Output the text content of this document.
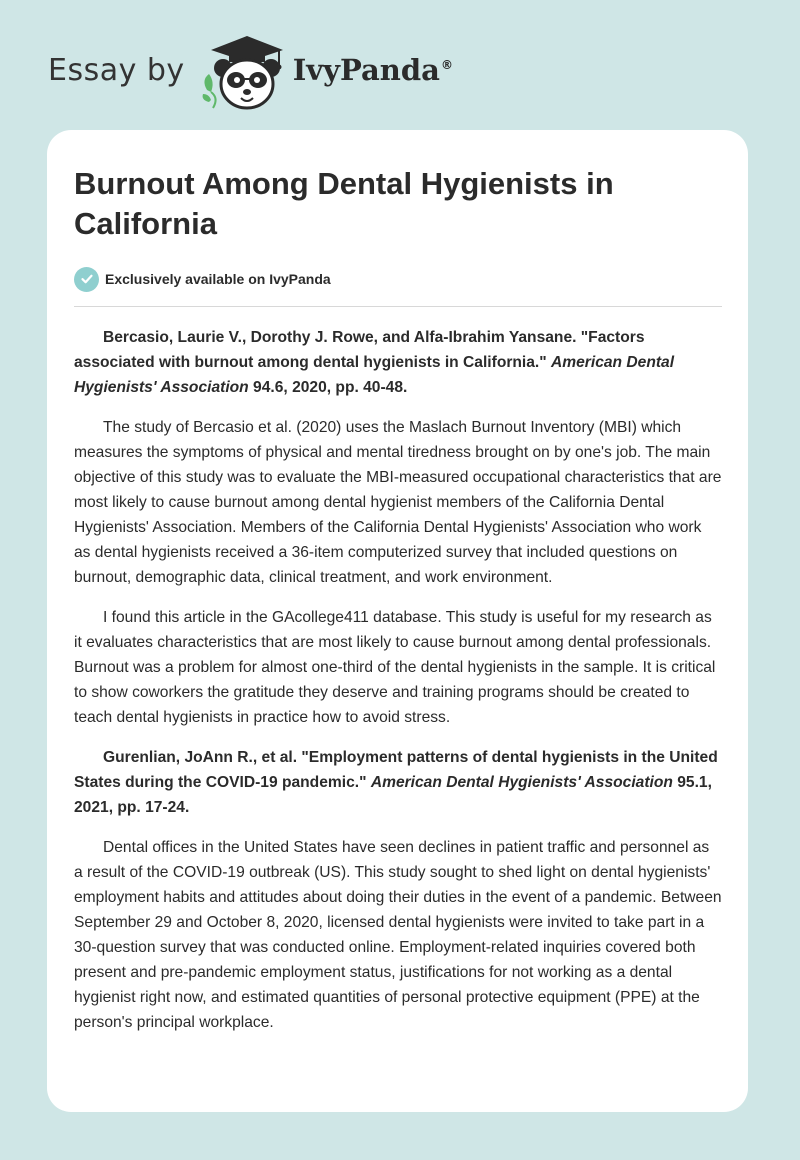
Essay by	IvyPanda®
Burnout Among Dental Hygienists in California
Exclusively available on IvyPanda

Bercasio, Laurie V., Dorothy J. Rowe, and Alfa-Ibrahim Yansane. "Factors associated with burnout among dental hygienists in California." American Dental Hygienists' Association 94.6, 2020, pp. 40-48.

The study of Bercasio et al. (2020) uses the Maslach Burnout Inventory (MBI) which measures the symptoms of physical and mental tiredness brought on by one's job. The main objective of this study was to evaluate the MBI-measured occupational characteristics that are most likely to cause burnout among dental hygienist members of the California Dental Hygienists' Association. Members of the California Dental Hygienists' Association who work as dental hygienists received a 36-item computerized survey that included questions on burnout, demographic data, clinical treatment, and work environment.

I found this article in the GAcollege411 database. This study is useful for my research as it evaluates characteristics that are most likely to cause burnout among dental professionals. Burnout was a problem for almost one-third of the dental hygienists in the sample. It is critical to show coworkers the gratitude they deserve and training programs should be created to teach dental hygienists in practice how to avoid stress.

Gurenlian, JoAnn R., et al. "Employment patterns of dental hygienists in the United States during the COVID-19 pandemic." American Dental Hygienists' Association 95.1, 2021, pp. 17-24.

Dental offices in the United States have seen declines in patient traffic and personnel as a result of the COVID-19 outbreak (US). This study sought to shed light on dental hygienists' employment habits and attitudes about doing their duties in the event of a pandemic. Between September 29 and October 8, 2020, licensed dental hygienists were invited to take part in a 30-question survey that was conducted online. Employment-related inquiries covered both present and pre-pandemic employment status, justifications for not working as a dental hygienist right now, and estimated quantities of personal protective equipment (PPE) at the person's principal workplace.
